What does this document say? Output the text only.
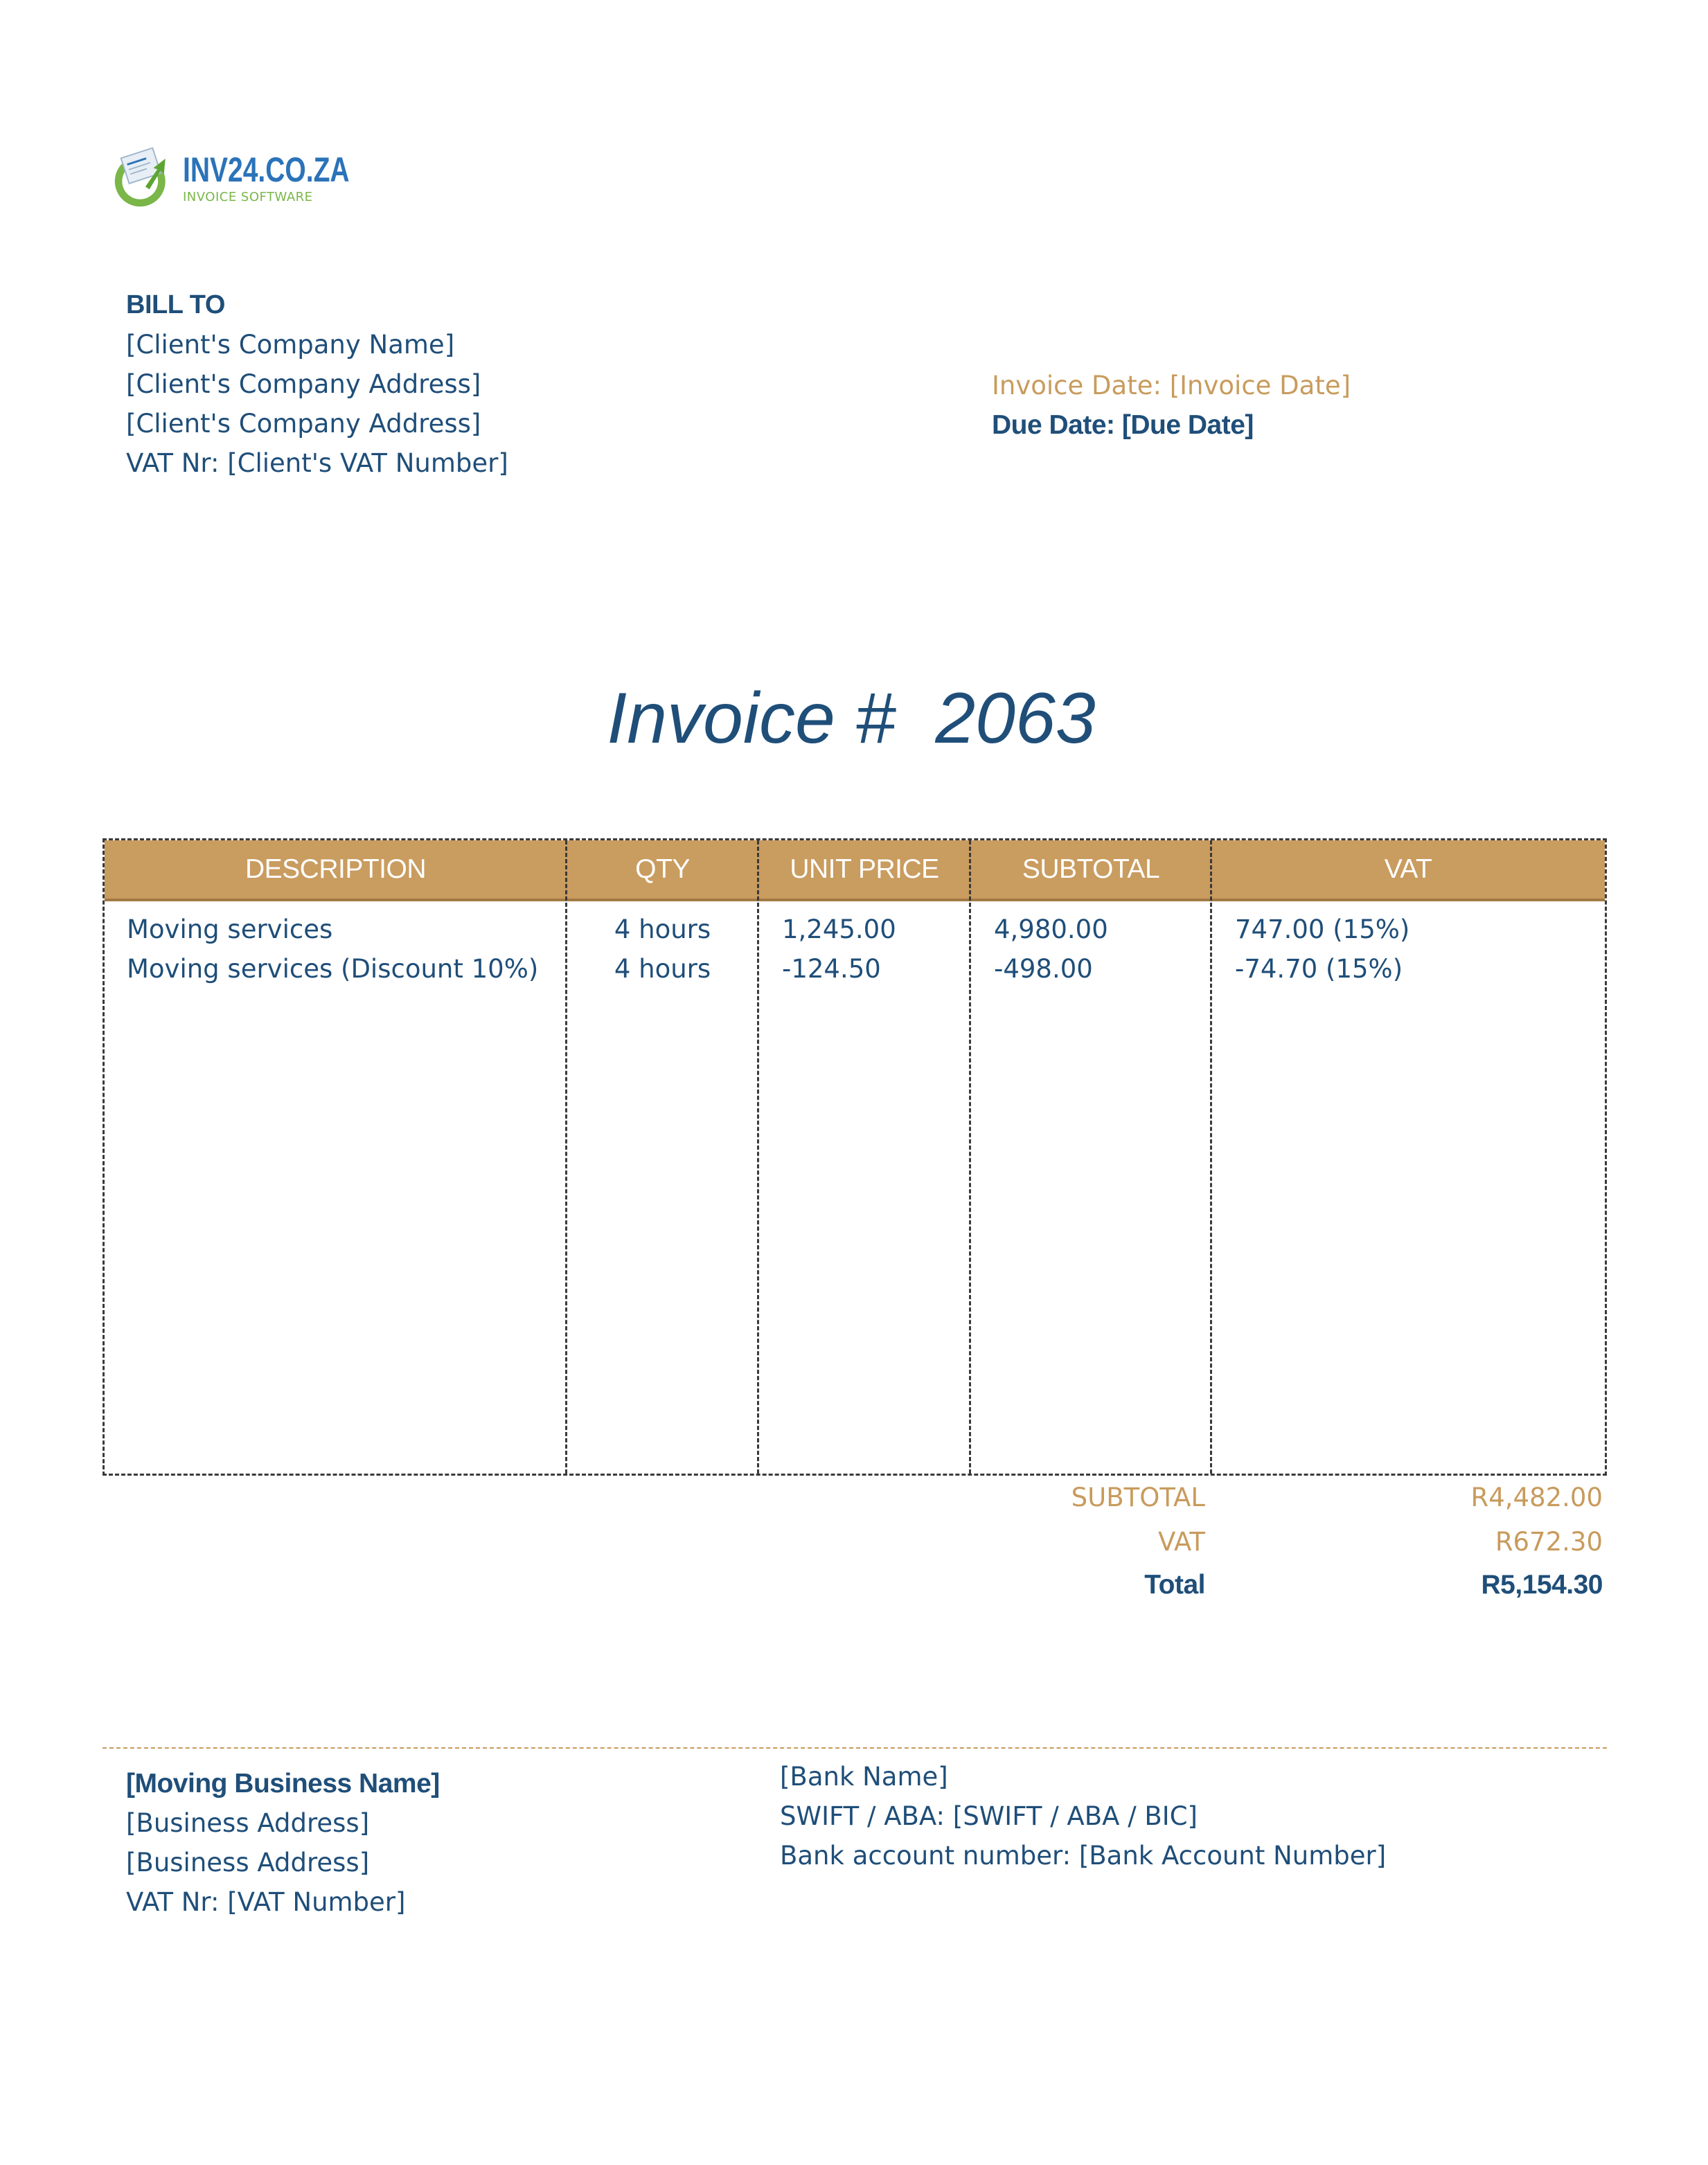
INV24.CO.ZA
INVOICE SOFTWARE
BILL TO
[Client's Company Name]
[Client's Company Address]
[Client's Company Address]
VAT Nr: [Client's VAT Number]
Invoice Date: [Invoice Date]
Due Date: [Due Date]
Invoice #  2063
DESCRIPTION	QTY	UNIT PRICE	SUBTOTAL	VAT
Moving services	4 hours	1,245.00	4,980.00	747.00 (15%)
Moving services (Discount 10%)	4 hours	-124.50	-498.00	-74.70 (15%)
SUBTOTAL	R4,482.00
VAT	R672.30
Total	R5,154.30
[Moving Business Name]
[Business Address]
[Business Address]
VAT Nr: [VAT Number]
[Bank Name]
SWIFT / ABA: [SWIFT / ABA / BIC]
Bank account number: [Bank Account Number]
